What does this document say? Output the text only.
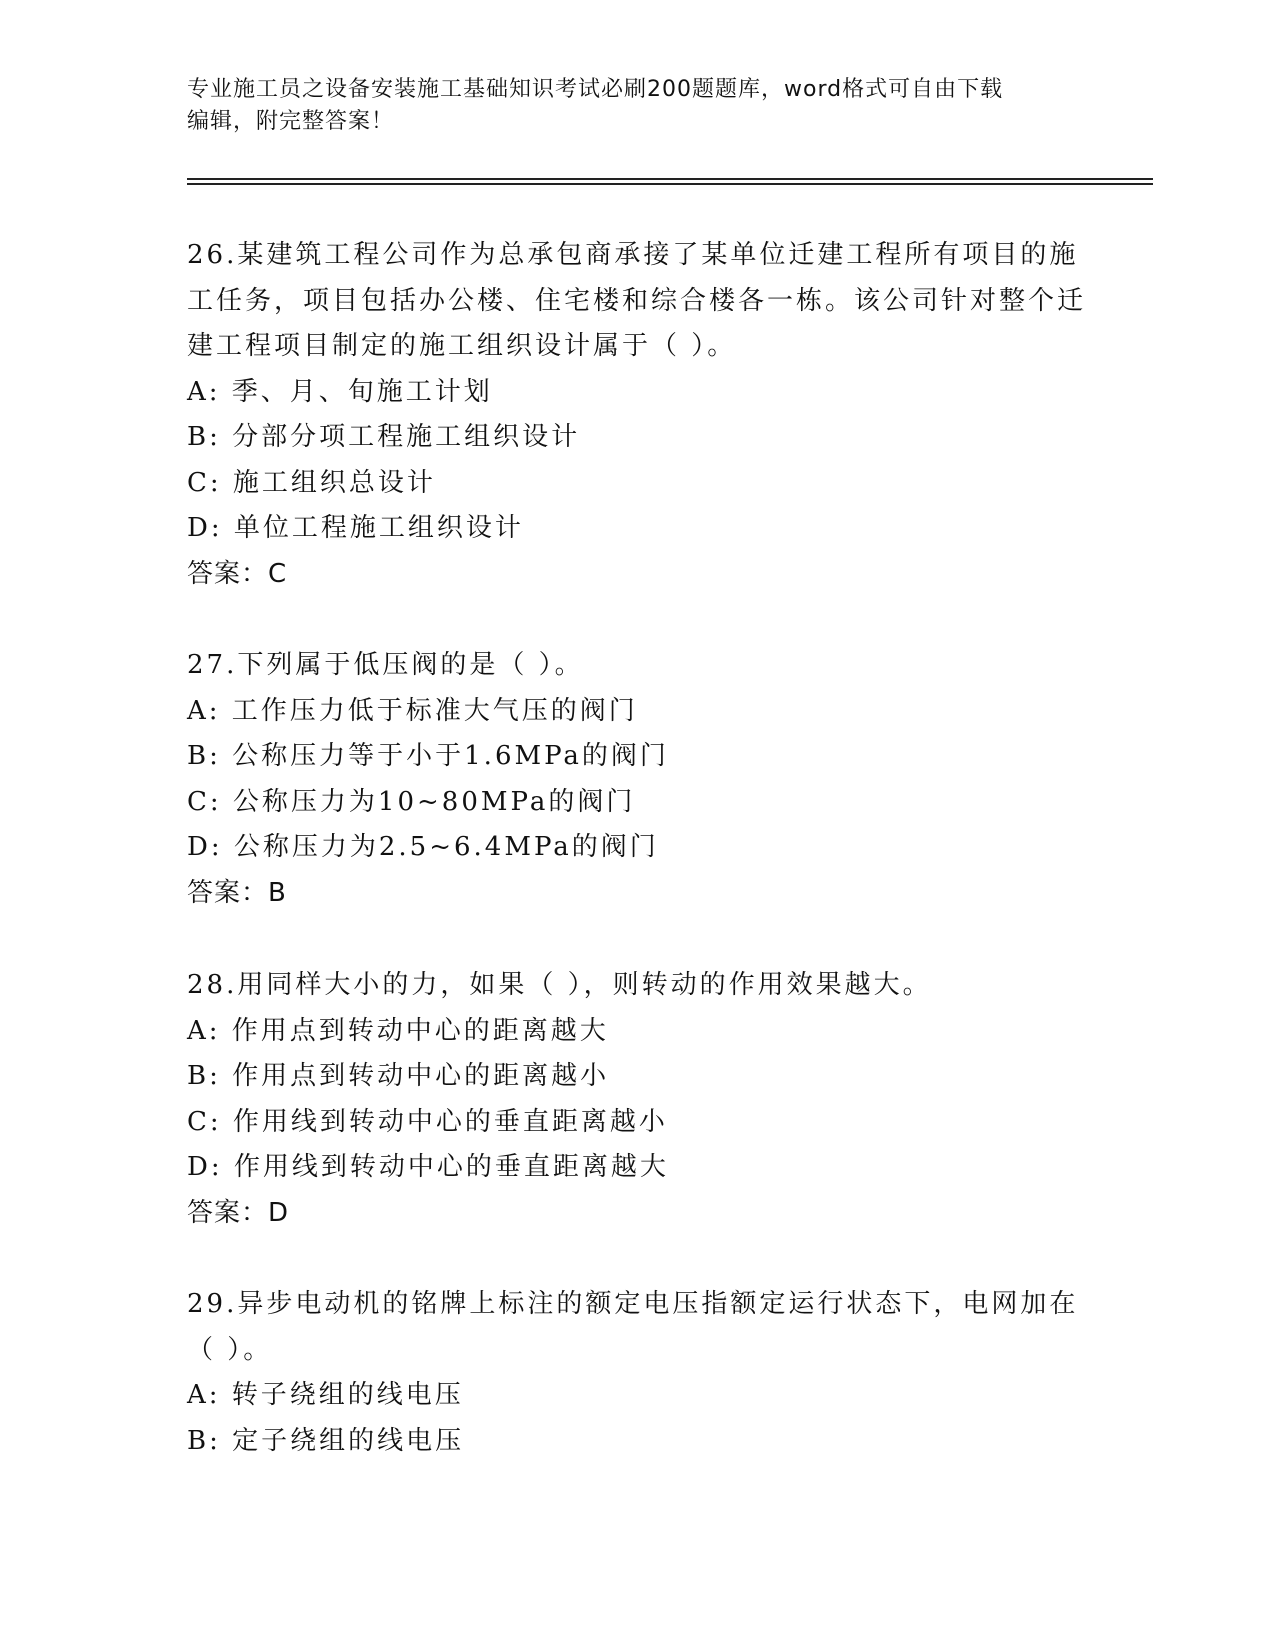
专业施工员之设备安装施工基础知识考试必刷200题题库，word格式可自由下载
编辑，附完整答案！
26.某建筑工程公司作为总承包商承接了某单位迁建工程所有项目的施工任务，项目包括办公楼、住宅楼和综合楼各一栋。该公司针对整个迁建工程项目制定的施工组织设计属于（ ）。
A: 季、月、旬施工计划
B: 分部分项工程施工组织设计
C: 施工组织总设计
D: 单位工程施工组织设计
答案：C
27.下列属于低压阀的是（ ）。
A: 工作压力低于标准大气压的阀门
B: 公称压力等于小于1.6MPa的阀门
C: 公称压力为10~80MPa的阀门
D: 公称压力为2.5~6.4MPa的阀门
答案：B
28.用同样大小的力，如果（ ），则转动的作用效果越大。
A: 作用点到转动中心的距离越大
B: 作用点到转动中心的距离越小
C: 作用线到转动中心的垂直距离越小
D: 作用线到转动中心的垂直距离越大
答案：D
29.异步电动机的铭牌上标注的额定电压指额定运行状态下，电网加在（ ）。
A: 转子绕组的线电压
B: 定子绕组的线电压
